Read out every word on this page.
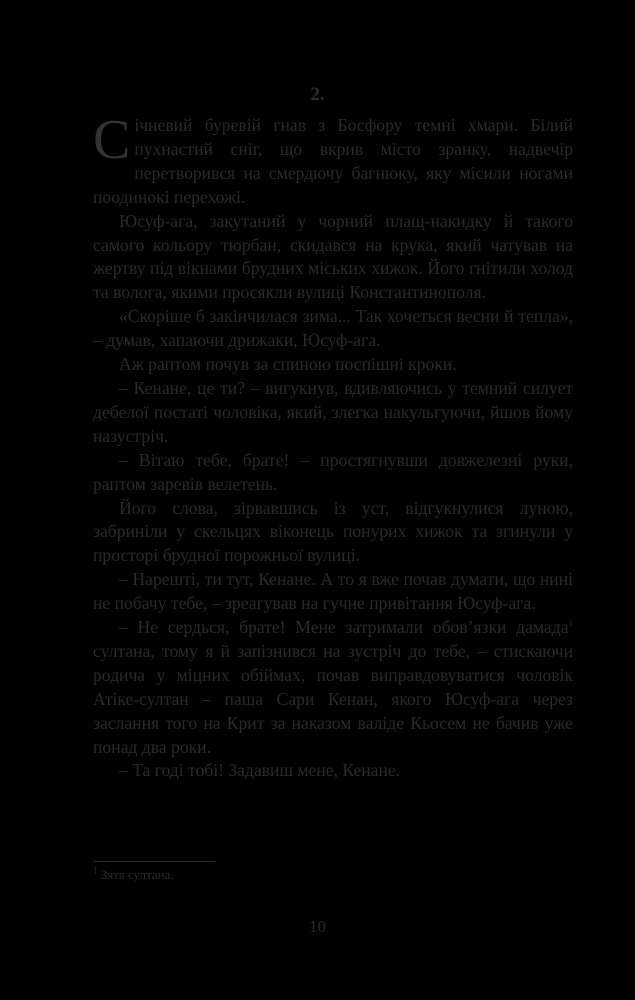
2.

Січневий буревій гнав з Босфору темні хмари. Білий пухнастий сніг, що вкрив місто зранку, надвечір перетворився на смердючу багнюку, яку місили ногами поодинокі перехожі.

Юсуф-ага, закутаний у чорний плащ-накидку й такого самого кольору тюрбан, скидався на крука, який чатував на жертву під вікнами брудних міських хижок. Його гнітили холод та волога, якими просякли вулиці Константинополя.

«Скоріше б закінчилася зима... Так хочеться весни й тепла», – думав, хапаючи дрижаки, Юсуф-ага.

Аж раптом почув за спиною поспішні кроки.

– Кенане, це ти? – вигукнув, вдивляючись у темний силует дебелої постаті чоловіка, який, злегка накульгуючи, йшов йому назустріч.

– Вітаю тебе, брате! – простягнувши довжелезні руки, раптом заревів велетень.

Його слова, зірвавшись із уст, відгукнулися луною, забриніли у скельцях віконець понурих хижок та згинули у просторі брудної порожньої вулиці.

– Нарешті, ти тут, Кенане. А то я вже почав думати, що нині не побачу тебе, – зреагував на гучне привітання Юсуф-ага.

– Не сердься, брате! Мене затримали обов’язки дамада$^1$ султана, тому я й запізнився на зустріч до тебе, – стискаючи родича у міцних обіймах, почав виправдовуватися чоловік Атіке-султан – паша Сари Кенан, якого Юсуф-ага через заслання того на Крит за наказом валіде Кьосем не бачив уже понад два роки.

– Та годі тобі! Задавиш мене, Кенане.

$^1$ Зятя султана.

10
